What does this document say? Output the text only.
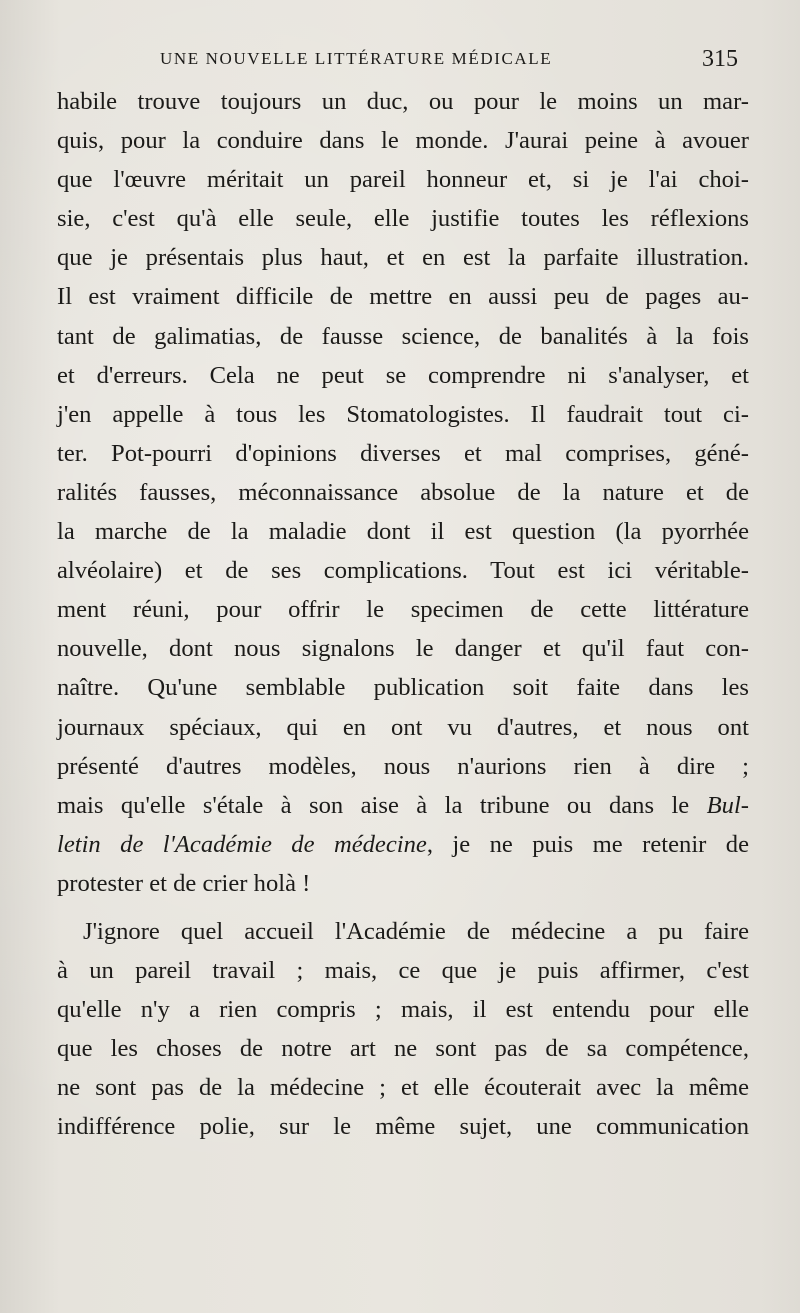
UNE NOUVELLE LITTÉRATURE MÉDICALE	315
habile trouve toujours un duc, ou pour le moins un mar-
quis, pour la conduire dans le monde. J'aurai peine à avouer
que l'œuvre méritait un pareil honneur et, si je l'ai choi-
sie, c'est qu'à elle seule, elle justifie toutes les réflexions
que je présentais plus haut, et en est la parfaite illustration.
Il est vraiment difficile de mettre en aussi peu de pages au-
tant de galimatias, de fausse science, de banalités à la fois
et d'erreurs. Cela ne peut se comprendre ni s'analyser, et
j'en appelle à tous les Stomatologistes. Il faudrait tout ci-
ter. Pot-pourri d'opinions diverses et mal comprises, géné-
ralités fausses, méconnaissance absolue de la nature et de
la marche de la maladie dont il est question (la pyorrhée
alvéolaire) et de ses complications. Tout est ici véritable-
ment réuni, pour offrir le specimen de cette littérature
nouvelle, dont nous signalons le danger et qu'il faut con-
naître. Qu'une semblable publication soit faite dans les
journaux spéciaux, qui en ont vu d'autres, et nous ont
présenté d'autres modèles, nous n'aurions rien à dire ;
mais qu'elle s'étale à son aise à la tribune ou dans le Bul-
letin de l'Académie de médecine, je ne puis me retenir de
protester et de crier holà !
J'ignore quel accueil l'Académie de médecine a pu faire
à un pareil travail ; mais, ce que je puis affirmer, c'est
qu'elle n'y a rien compris ; mais, il est entendu pour elle
que les choses de notre art ne sont pas de sa compétence,
ne sont pas de la médecine ; et elle écouterait avec la même
indifférence polie, sur le même sujet, une communication
